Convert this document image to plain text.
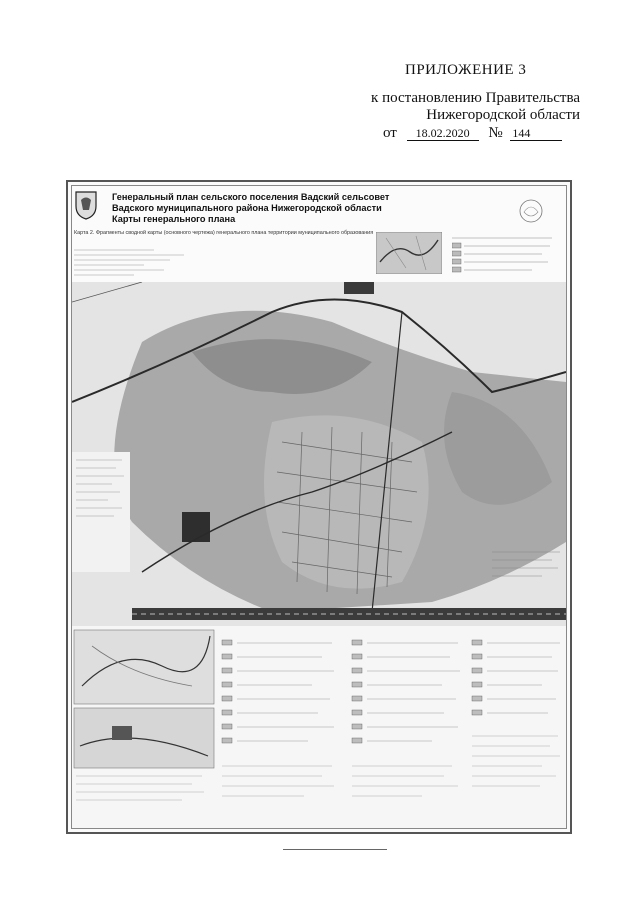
ПРИЛОЖЕНИЕ 3
к постановлению Правительства
Нижегородской области
от 18.02.2020 № 144
Генеральный план сельского поселения Вадский сельсовет
Вадского муниципального района Нижегородской области
Карты генерального плана
Карта 2. Фрагменты сводной карты (основного чертежа) генерального плана территории муниципального образования
